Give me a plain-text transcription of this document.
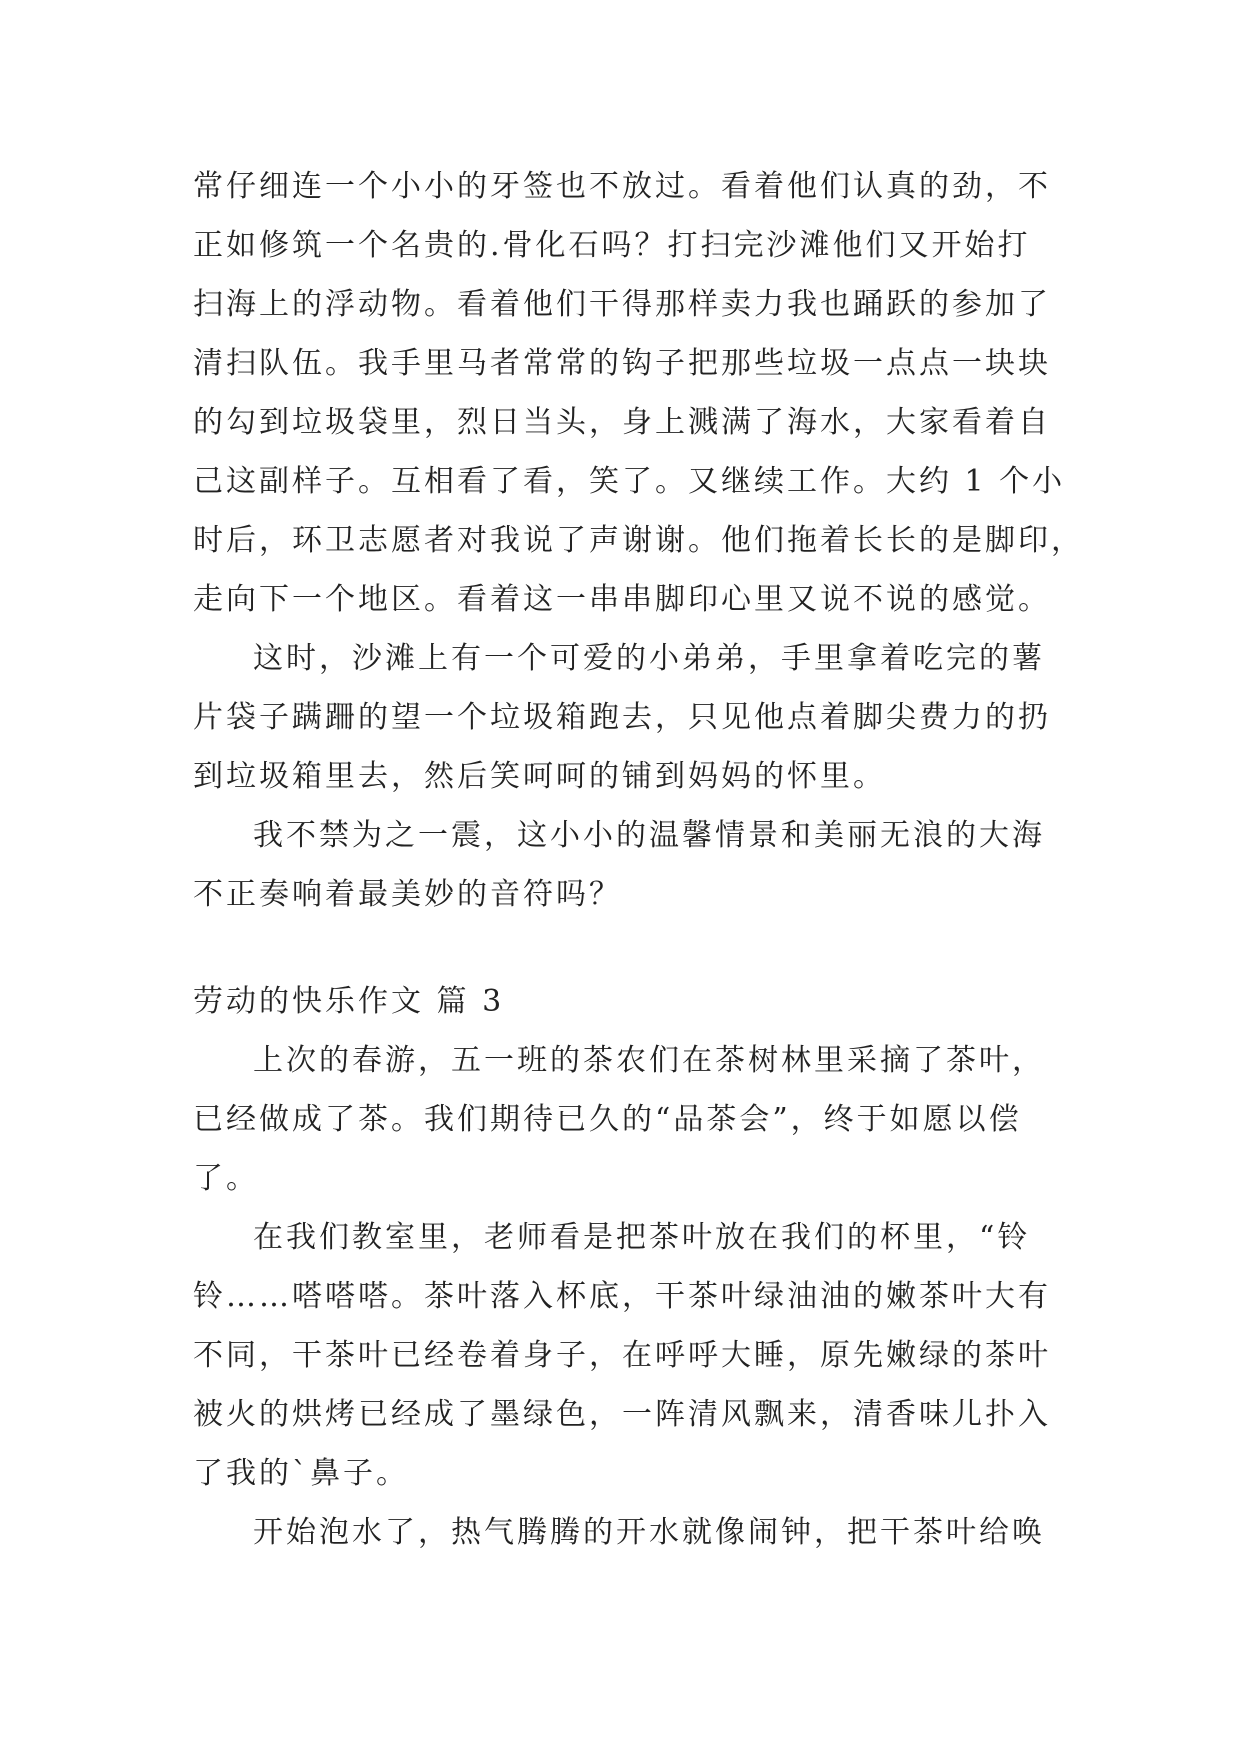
常仔细连一个小小的牙签也不放过。看着他们认真的劲，不
正如修筑一个名贵的.骨化石吗？打扫完沙滩他们又开始打
扫海上的浮动物。看着他们干得那样卖力我也踊跃的参加了
清扫队伍。我手里马者常常的钩子把那些垃圾一点点一块块
的勾到垃圾袋里，烈日当头，身上溅满了海水，大家看着自
己这副样子。互相看了看，笑了。又继续工作。大约 1 个小
时后，环卫志愿者对我说了声谢谢。他们拖着长长的是脚印，
走向下一个地区。看着这一串串脚印心里又说不说的感觉。
这时，沙滩上有一个可爱的小弟弟，手里拿着吃完的薯
片袋子蹒跚的望一个垃圾箱跑去，只见他点着脚尖费力的扔
到垃圾箱里去，然后笑呵呵的铺到妈妈的怀里。
我不禁为之一震，这小小的温馨情景和美丽无浪的大海
不正奏响着最美妙的音符吗？
劳动的快乐作文 篇 3
上次的春游，五一班的茶农们在茶树林里采摘了茶叶，
已经做成了茶。我们期待已久的“品茶会”，终于如愿以偿
了。
在我们教室里，老师看是把茶叶放在我们的杯里，“铃
铃……嗒嗒嗒。茶叶落入杯底，干茶叶绿油油的嫩茶叶大有
不同，干茶叶已经卷着身子，在呼呼大睡，原先嫩绿的茶叶
被火的烘烤已经成了墨绿色，一阵清风飘来，清香味儿扑入
了我的`鼻子。
开始泡水了，热气腾腾的开水就像闹钟，把干茶叶给唤
